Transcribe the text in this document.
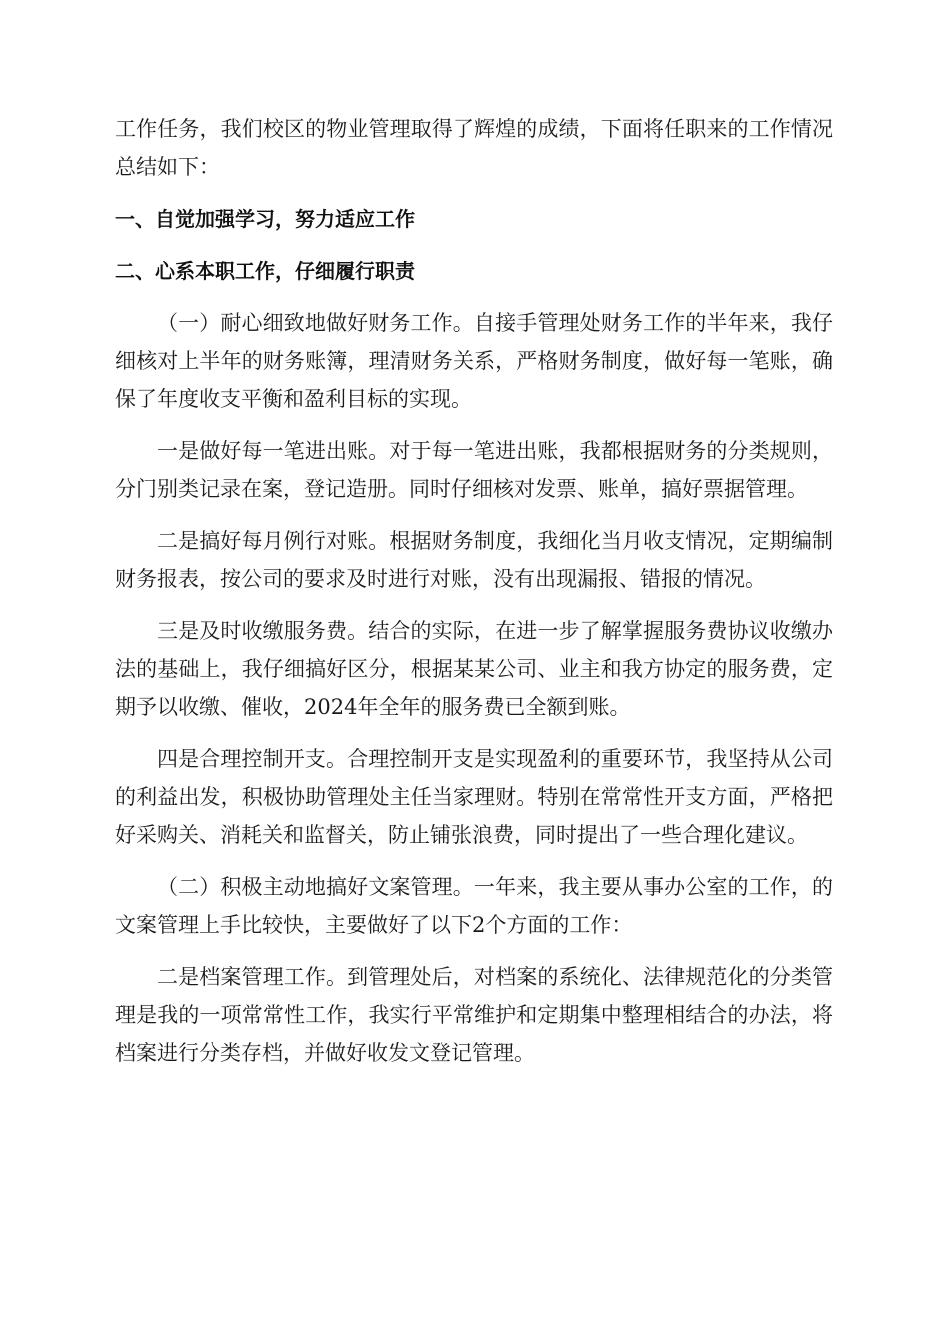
工作任务，我们校区的物业管理取得了辉煌的成绩，下面将任职来的工作情况总结如下：

一、自觉加强学习，努力适应工作
二、心系本职工作，仔细履行职责

（一）耐心细致地做好财务工作。自接手管理处财务工作的半年来，我仔细核对上半年的财务账簿，理清财务关系，严格财务制度，做好每一笔账，确保了年度收支平衡和盈利目标的实现。

一是做好每一笔进出账。对于每一笔进出账，我都根据财务的分类规则，分门别类记录在案，登记造册。同时仔细核对发票、账单，搞好票据管理。

二是搞好每月例行对账。根据财务制度，我细化当月收支情况，定期编制财务报表，按公司的要求及时进行对账，没有出现漏报、错报的情况。

三是及时收缴服务费。结合的实际，在进一步了解掌握服务费协议收缴办法的基础上，我仔细搞好区分，根据某某公司、业主和我方协定的服务费，定期予以收缴、催收，2024年全年的服务费已全额到账。

四是合理控制开支。合理控制开支是实现盈利的重要环节，我坚持从公司的利益出发，积极协助管理处主任当家理财。特别在常常性开支方面，严格把好采购关、消耗关和监督关，防止铺张浪费，同时提出了一些合理化建议。

（二）积极主动地搞好文案管理。一年来，我主要从事办公室的工作，的文案管理上手比较快，主要做好了以下2个方面的工作：

二是档案管理工作。到管理处后，对档案的系统化、法律规范化的分类管理是我的一项常常性工作，我实行平常维护和定期集中整理相结合的办法，将档案进行分类存档，并做好收发文登记管理。
